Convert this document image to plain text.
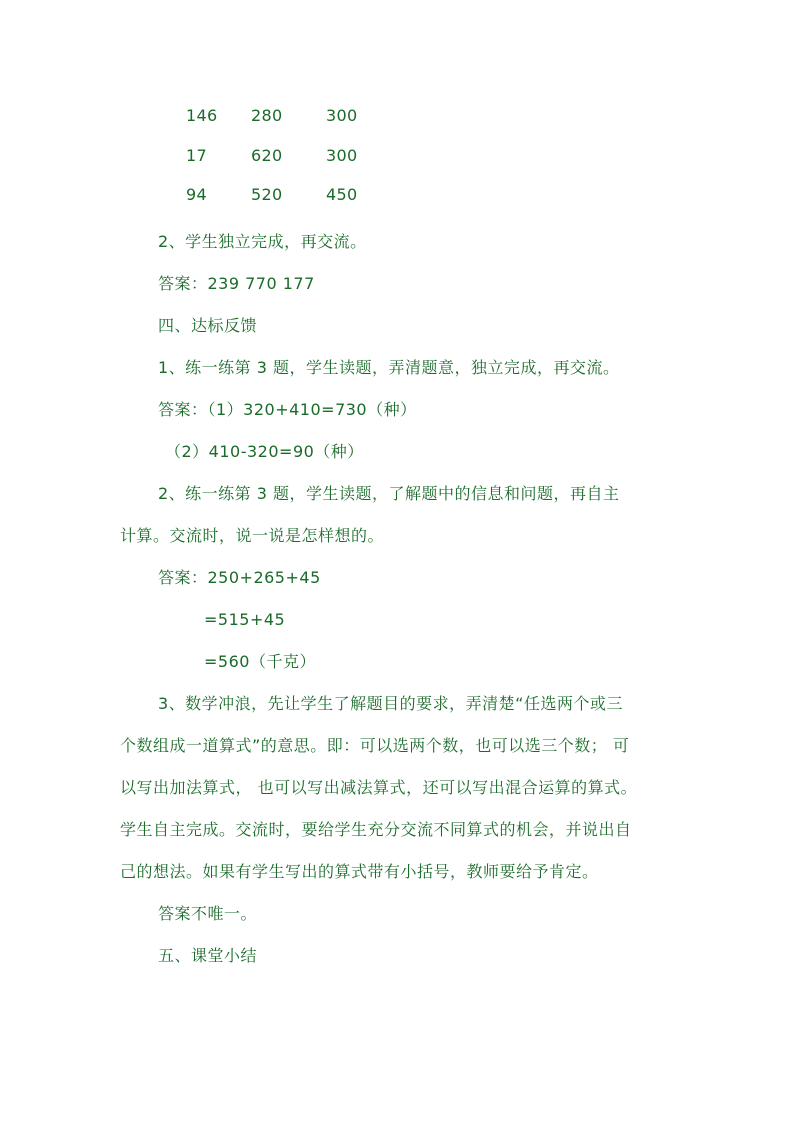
146 280	300
17	620	300
94	520	450
2、学生独立完成，再交流。
答案：239 770 177
四、达标反馈
1、练一练第 3 题，学生读题，弄清题意，独立完成，再交流。
答案：（1）320+410=730（种）
（2）410-320=90（种）
2、练一练第 3 题，学生读题，了解题中的信息和问题，再自主
计算。交流时，说一说是怎样想的。
答案：250+265+45
=515+45
=560（千克）
3、数学冲浪，先让学生了解题目的要求，弄清楚“任选两个或三
个数组成一道算式”的意思。即：可以选两个数，也可以选三个数； 可
以写出加法算式， 也可以写出减法算式，还可以写出混合运算的算式。
学生自主完成。交流时，要给学生充分交流不同算式的机会，并说出自
己的想法。如果有学生写出的算式带有小括号，教师要给予肯定。
答案不唯一。
五、课堂小结
